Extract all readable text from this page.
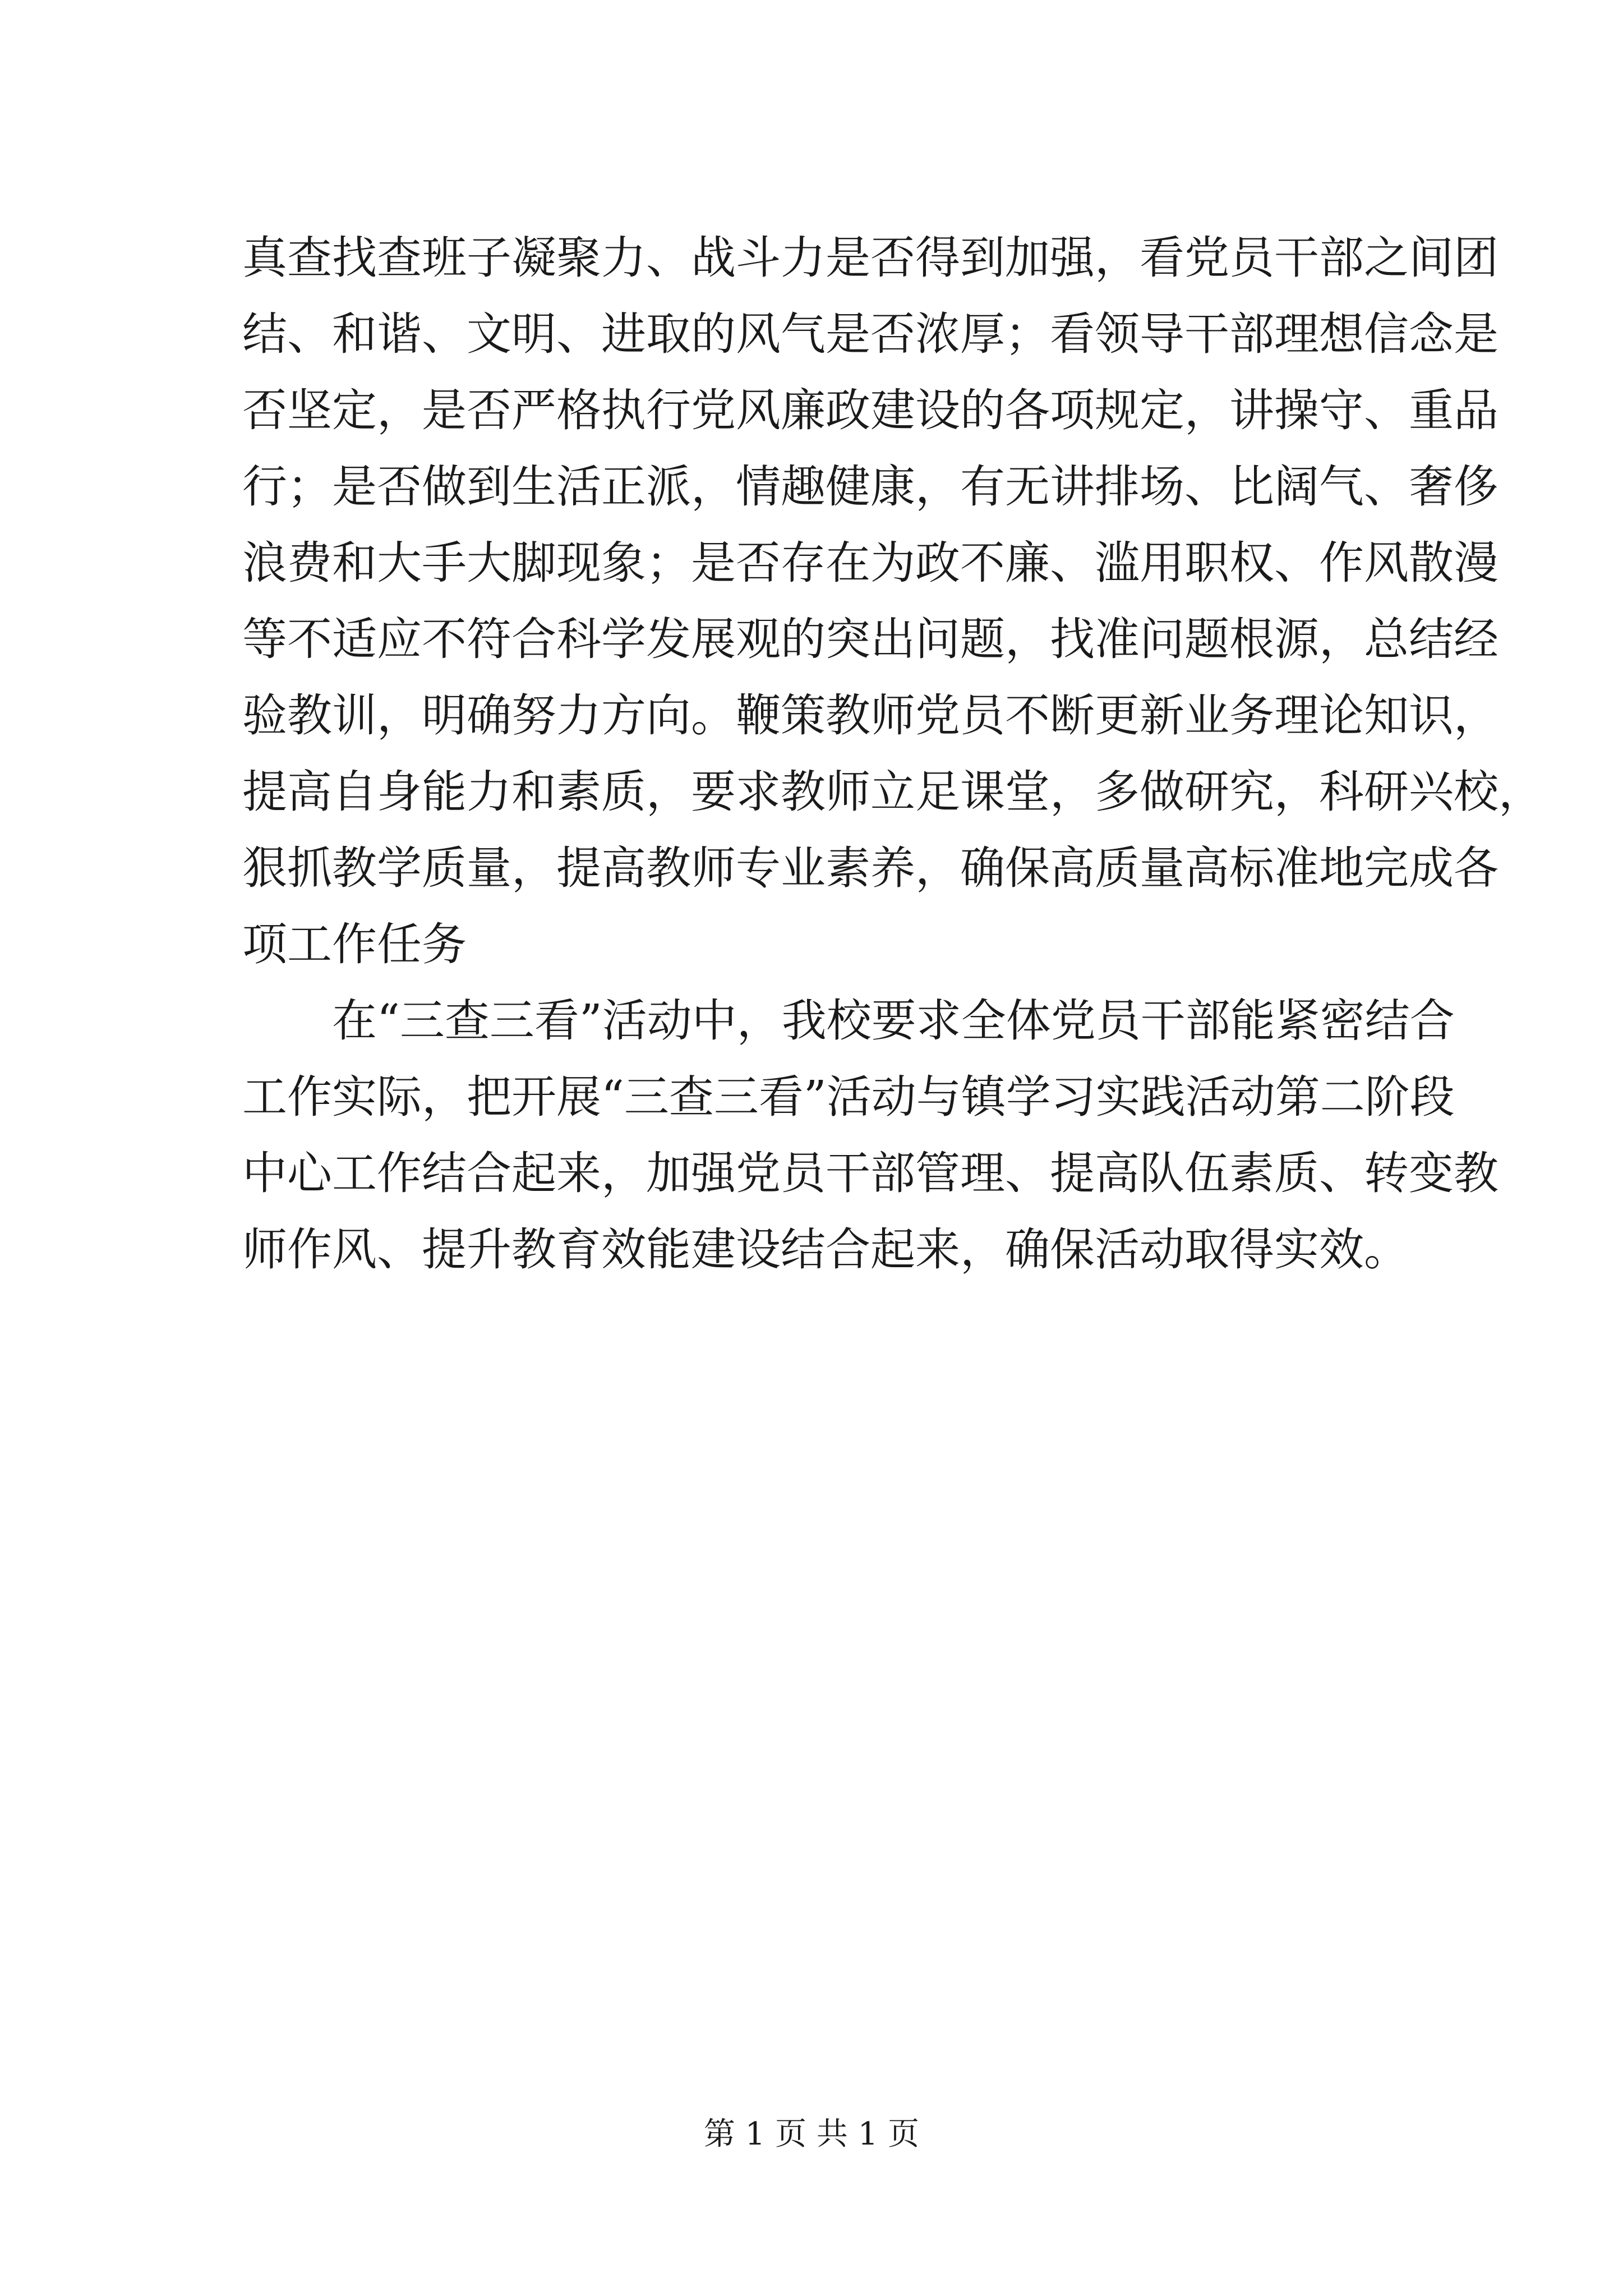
真查找查班子凝聚力、战斗力是否得到加强，看党员干部之间团
结、和谐、文明、进取的风气是否浓厚；看领导干部理想信念是
否坚定，是否严格执行党风廉政建设的各项规定，讲操守、重品
行；是否做到生活正派，情趣健康，有无讲排场、比阔气、奢侈
浪费和大手大脚现象；是否存在为政不廉、滥用职权、作风散漫
等不适应不符合科学发展观的突出问题，找准问题根源，总结经
验教训，明确努力方向。鞭策教师党员不断更新业务理论知识，
提高自身能力和素质，要求教师立足课堂，多做研究，科研兴校，
狠抓教学质量，提高教师专业素养，确保高质量高标准地完成各
项工作任务
在“三查三看”活动中，我校要求全体党员干部能紧密结合
工作实际，把开展“三查三看”活动与镇学习实践活动第二阶段
中心工作结合起来，加强党员干部管理、提高队伍素质、转变教
师作风、提升教育效能建设结合起来，确保活动取得实效。
第 1 页 共 1 页
